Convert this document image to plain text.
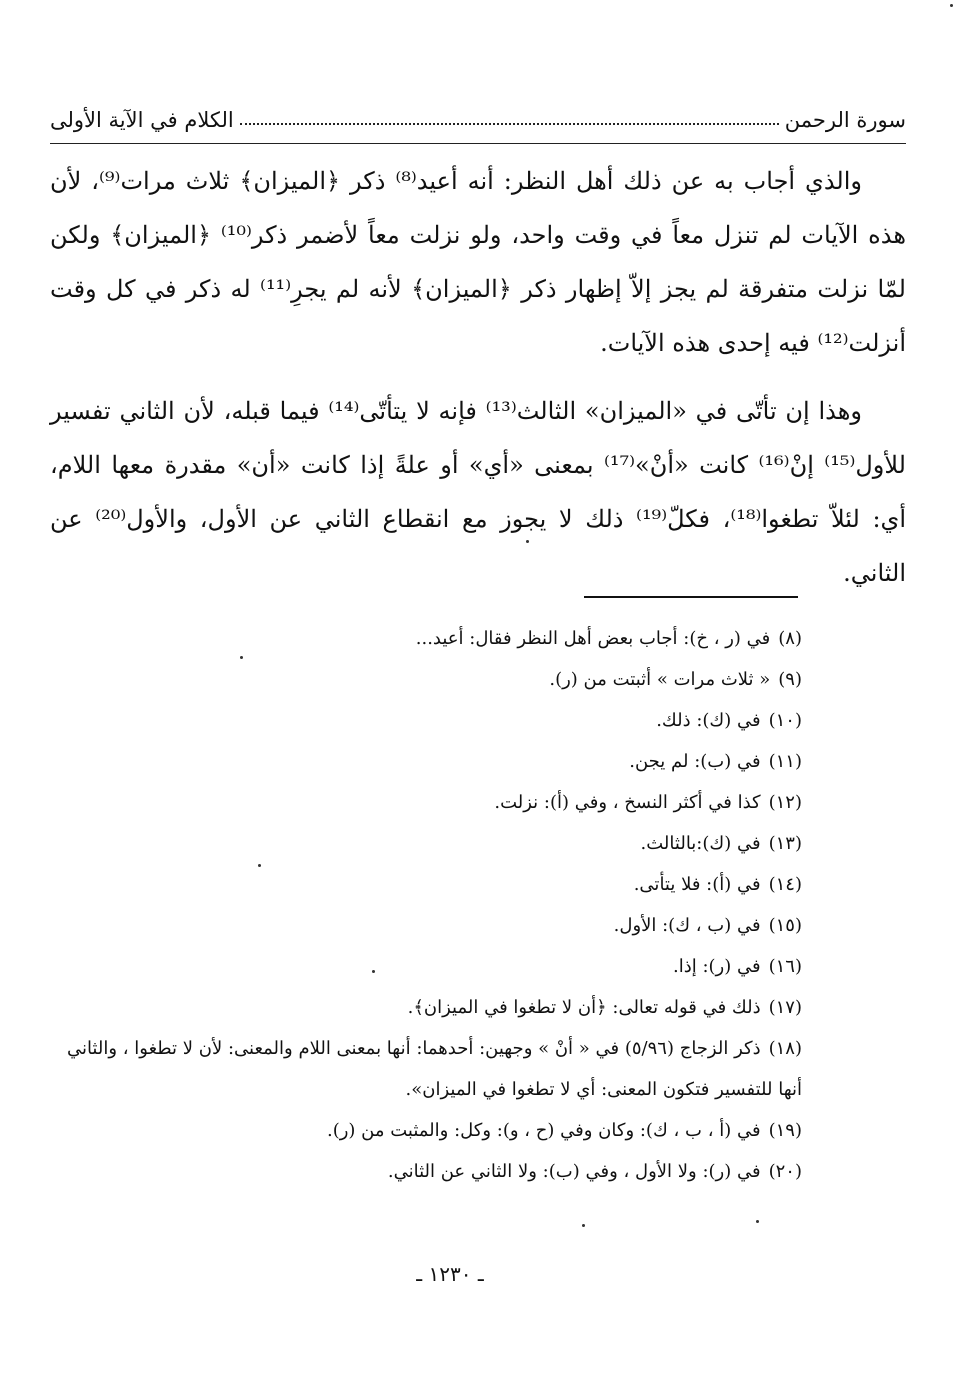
سورة الرحمن
الكلام في الآية الأولى

والذي أجاب به عن ذلك أهل النظر: أنه أعيد⁽⁸⁾ ذكر ﴿الميزان﴾ ثلاث مرات⁽⁹⁾، لأن هذه الآيات لم تنزل معاً في وقت واحد، ولو نزلت معاً لأضمر ذكر⁽¹⁰⁾ ﴿الميزان﴾ ولكن لمّا نزلت متفرقة لم يجز إلاّ إظهار ذكر ﴿الميزان﴾ لأنه لم يجرِ⁽¹¹⁾ له ذكر في كل وقت أنزلت⁽¹²⁾ فيه إحدى هذه الآيات.

وهذا إن تأتّى في «الميزان» الثالث⁽¹³⁾ فإنه لا يتأتّى⁽¹⁴⁾ فيما قبله، لأن الثاني تفسير للأول⁽¹⁵⁾ إنْ⁽¹⁶⁾ كانت «أنْ»⁽¹⁷⁾ بمعنى «أي» أو علةً إذا كانت «أن» مقدرة معها اللام، أي: لئلاّ تطغوا⁽¹⁸⁾، فكلّ⁽¹⁹⁾ ذلك لا يجوز مع انقطاع الثاني عن الأول، والأول⁽²⁰⁾ عن الثاني.

(٨)في (ر ، خ): أجاب بعض أهل النظر فقال: أعيد...
(٩)« ثلاث مرات » أثبتت من (ر).
(١٠)في (ك): ذلك.
(١١)في (ب): لم يجن.
(١٢)كذا في أكثر النسخ ، وفي (أ): نزلت.
(١٣)في (ك):بالثالث.
(١٤)في (أ): فلا يتأتى.
(١٥)في (ب ، ك): الأول.
(١٦)في (ر): إذا.
(١٧)ذلك في قوله تعالى: ﴿أن لا تطغوا في الميزان﴾.
(١٨)ذكر الزجاج (٥/٩٦) في « أنْ » وجهين: أحدهما: أنها بمعنى اللام والمعنى: لأن لا تطغوا ، والثاني أنها للتفسير فتكون المعنى: أي لا تطغوا في الميزان».
(١٩)في (أ ، ب ، ك): وكان وفي (ح ، و): وكل: والمثبت من (ر).
(٢٠)في (ر): ولا الأول ، وفي (ب): ولا الثاني عن الثاني.
ـ ١٢٣٠ ـ
